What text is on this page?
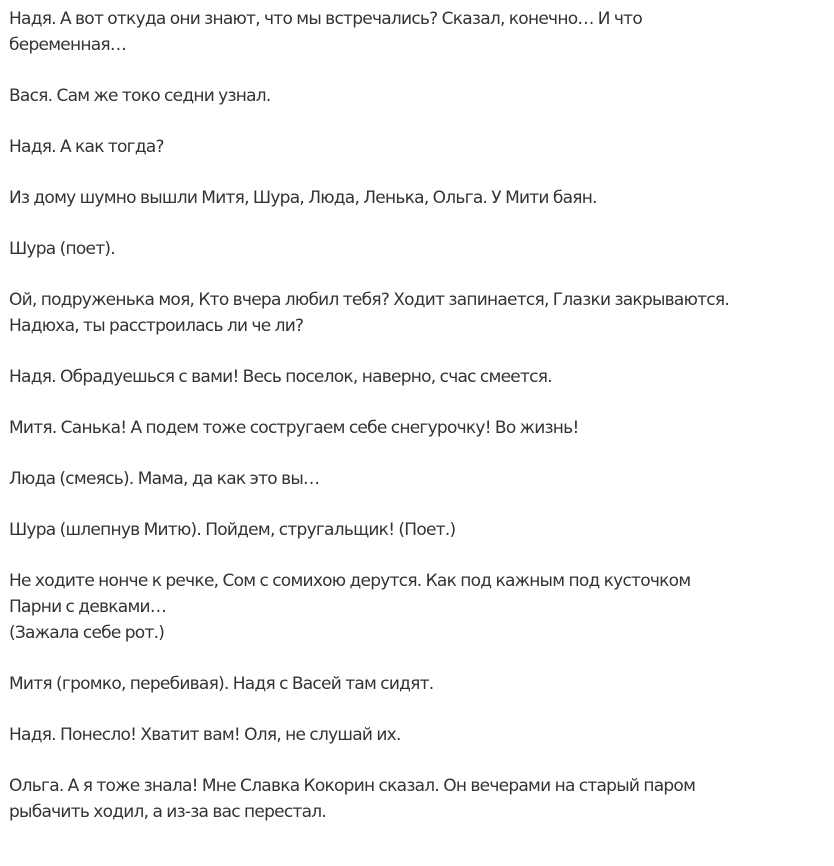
Надя. А вот откуда они знают, что мы встречались? Сказал, конечно… И что
беременная…

Вася. Сам же токо седни узнал.

Надя. А как тогда?

Из дому шумно вышли Митя, Шура, Люда, Ленька, Ольга. У Мити баян.

Шура (поет).

Ой, подруженька моя, Кто вчера любил тебя? Ходит запинается, Глазки закрываются.
Надюха, ты расстроилась ли че ли?

Надя. Обрадуешься с вами! Весь поселок, наверно, счас смеется.

Митя. Санька! А подем тоже состругаем себе снегурочку! Во жизнь!

Люда (смеясь). Мама, да как это вы…

Шура (шлепнув Митю). Пойдем, стругальщик! (Поет.)

Не ходите нонче к речке, Сом с сомихою дерутся. Как под кажным под кусточком
Парни с девками…
(Зажала себе рот.)

Митя (громко, перебивая). Надя с Васей там сидят.

Надя. Понесло! Хватит вам! Оля, не слушай их.

Ольга. А я тоже знала! Мне Славка Кокорин сказал. Он вечерами на старый паром
рыбачить ходил, а из-за вас перестал.
